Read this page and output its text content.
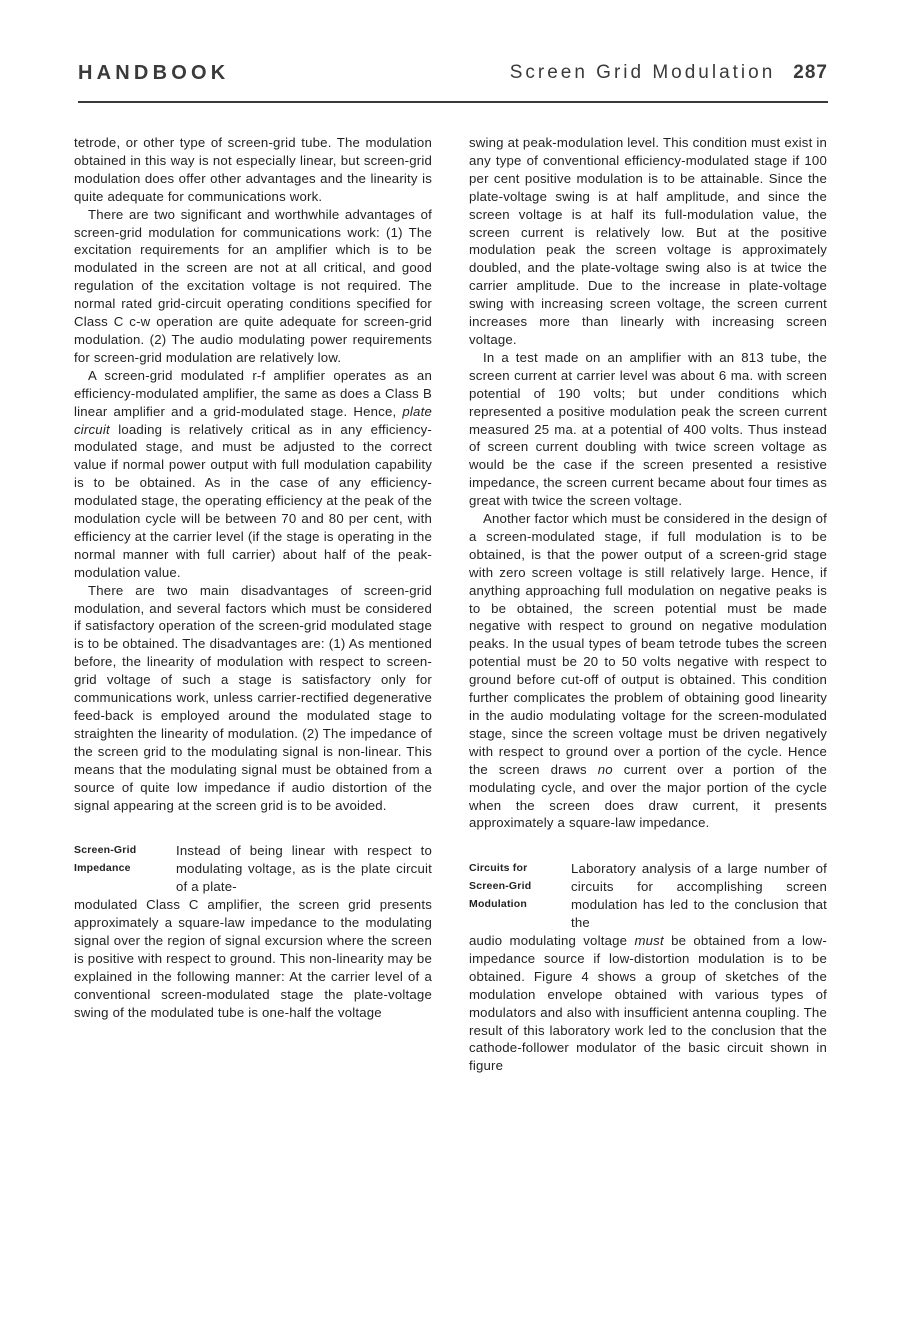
HANDBOOK	Screen Grid Modulation 287

tetrode, or other type of screen-grid tube. The modulation obtained in this way is not especially linear, but screen-grid modulation does offer other advantages and the linearity is quite adequate for communications work.

There are two significant and worthwhile advantages of screen-grid modulation for communications work: (1) The excitation requirements for an amplifier which is to be modulated in the screen are not at all critical, and good regulation of the excitation voltage is not required. The normal rated grid-circuit operating conditions specified for Class C c-w operation are quite adequate for screen-grid modulation. (2) The audio modulating power requirements for screen-grid modulation are relatively low.

A screen-grid modulated r-f amplifier operates as an efficiency-modulated amplifier, the same as does a Class B linear amplifier and a grid-modulated stage. Hence, plate circuit loading is relatively critical as in any efficiency-modulated stage, and must be adjusted to the correct value if normal power output with full modulation capability is to be obtained. As in the case of any efficiency-modulated stage, the operating efficiency at the peak of the modulation cycle will be between 70 and 80 per cent, with efficiency at the carrier level (if the stage is operating in the normal manner with full carrier) about half of the peak-modulation value.

There are two main disadvantages of screen-grid modulation, and several factors which must be considered if satisfactory operation of the screen-grid modulated stage is to be obtained. The disadvantages are: (1) As mentioned before, the linearity of modulation with respect to screen-grid voltage of such a stage is satisfactory only for communications work, unless carrier-rectified degenerative feed-back is employed around the modulated stage to straighten the linearity of modulation. (2) The impedance of the screen grid to the modulating signal is non-linear. This means that the modulating signal must be obtained from a source of quite low impedance if audio distortion of the signal appearing at the screen grid is to be avoided.

Screen-Grid
Impedance
Instead of being linear with respect to modulating voltage, as is the plate circuit of a plate-

modulated Class C amplifier, the screen grid presents approximately a square-law impedance to the modulating signal over the region of signal excursion where the screen is positive with respect to ground. This non-linearity may be explained in the following manner: At the carrier level of a conventional screen-modulated stage the plate-voltage swing of the modulated tube is one-half the voltage

swing at peak-modulation level. This condition must exist in any type of conventional efficiency-modulated stage if 100 per cent positive modulation is to be attainable. Since the plate-voltage swing is at half amplitude, and since the screen voltage is at half its full-modulation value, the screen current is relatively low. But at the positive modulation peak the screen voltage is approximately doubled, and the plate-voltage swing also is at twice the carrier amplitude. Due to the increase in plate-voltage swing with increasing screen voltage, the screen current increases more than linearly with increasing screen voltage.

In a test made on an amplifier with an 813 tube, the screen current at carrier level was about 6 ma. with screen potential of 190 volts; but under conditions which represented a positive modulation peak the screen current measured 25 ma. at a potential of 400 volts. Thus instead of screen current doubling with twice screen voltage as would be the case if the screen presented a resistive impedance, the screen current became about four times as great with twice the screen voltage.

Another factor which must be considered in the design of a screen-modulated stage, if full modulation is to be obtained, is that the power output of a screen-grid stage with zero screen voltage is still relatively large. Hence, if anything approaching full modulation on negative peaks is to be obtained, the screen potential must be made negative with respect to ground on negative modulation peaks. In the usual types of beam tetrode tubes the screen potential must be 20 to 50 volts negative with respect to ground before cut-off of output is obtained. This condition further complicates the problem of obtaining good linearity in the audio modulating voltage for the screen-modulated stage, since the screen voltage must be driven negatively with respect to ground over a portion of the cycle. Hence the screen draws no current over a portion of the modulating cycle, and over the major portion of the cycle when the screen does draw current, it presents approximately a square-law impedance.

Circuits for
Screen-Grid
Modulation
Laboratory analysis of a large number of circuits for accomplishing screen modulation has led to the conclusion that the

audio modulating voltage must be obtained from a low-impedance source if low-distortion modulation is to be obtained. Figure 4 shows a group of sketches of the modulation envelope obtained with various types of modulators and also with insufficient antenna coupling. The result of this laboratory work led to the conclusion that the cathode-follower modulator of the basic circuit shown in figure
